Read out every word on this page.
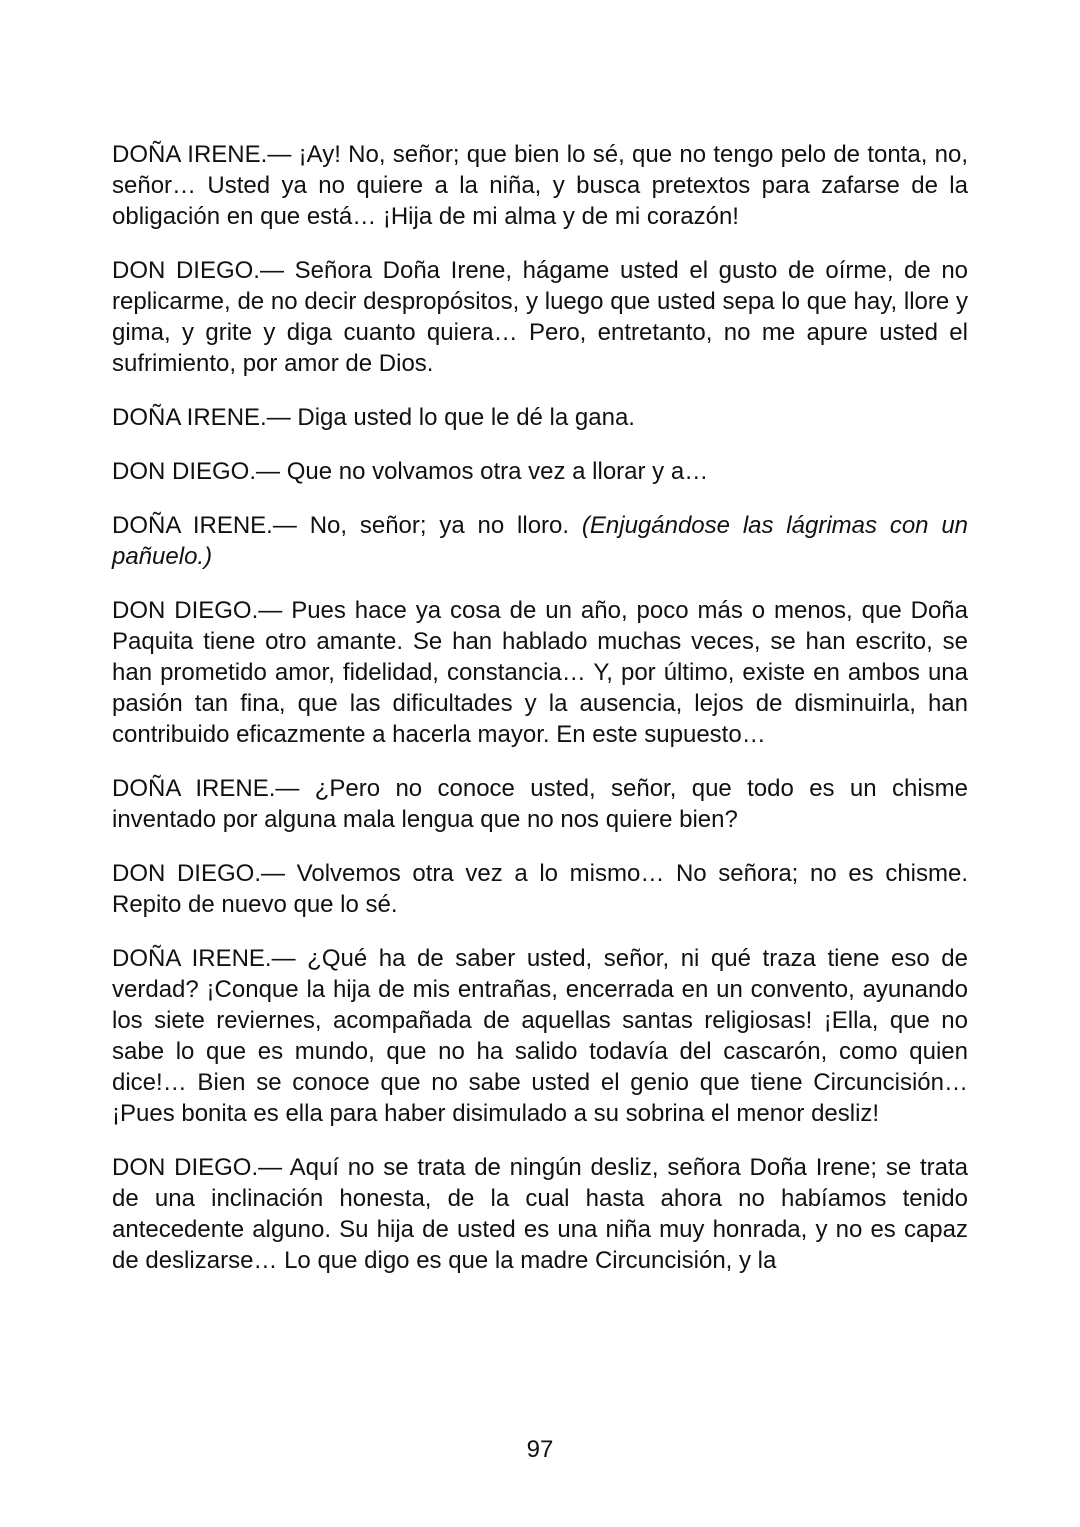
DOÑA IRENE.— ¡Ay! No, señor; que bien lo sé, que no tengo pelo de tonta, no, señor… Usted ya no quiere a la niña, y busca pretextos para zafarse de la obligación en que está… ¡Hija de mi alma y de mi corazón!

DON DIEGO.— Señora Doña Irene, hágame usted el gusto de oírme, de no replicarme, de no decir despropósitos, y luego que usted sepa lo que hay, llore y gima, y grite y diga cuanto quiera… Pero, entretanto, no me apure usted el sufrimiento, por amor de Dios.

DOÑA IRENE.— Diga usted lo que le dé la gana.

DON DIEGO.— Que no volvamos otra vez a llorar y a…

DOÑA IRENE.— No, señor; ya no lloro. (Enjugándose las lágrimas con un pañuelo.)

DON DIEGO.— Pues hace ya cosa de un año, poco más o menos, que Doña Paquita tiene otro amante. Se han hablado muchas veces, se han escrito, se han prometido amor, fidelidad, constancia… Y, por último, existe en ambos una pasión tan fina, que las dificultades y la ausencia, lejos de disminuirla, han contribuido eficazmente a hacerla mayor. En este supuesto…

DOÑA IRENE.— ¿Pero no conoce usted, señor, que todo es un chisme inventado por alguna mala lengua que no nos quiere bien?

DON DIEGO.— Volvemos otra vez a lo mismo… No señora; no es chisme. Repito de nuevo que lo sé.

DOÑA IRENE.— ¿Qué ha de saber usted, señor, ni qué traza tiene eso de verdad? ¡Conque la hija de mis entrañas, encerrada en un convento, ayunando los siete reviernes, acompañada de aquellas santas religiosas! ¡Ella, que no sabe lo que es mundo, que no ha salido todavía del cascarón, como quien dice!… Bien se conoce que no sabe usted el genio que tiene Circuncisión… ¡Pues bonita es ella para haber disimulado a su sobrina el menor desliz!

DON DIEGO.— Aquí no se trata de ningún desliz, señora Doña Irene; se trata de una inclinación honesta, de la cual hasta ahora no habíamos tenido antecedente alguno. Su hija de usted es una niña muy honrada, y no es capaz de deslizarse… Lo que digo es que la madre Circuncisión, y la

97
